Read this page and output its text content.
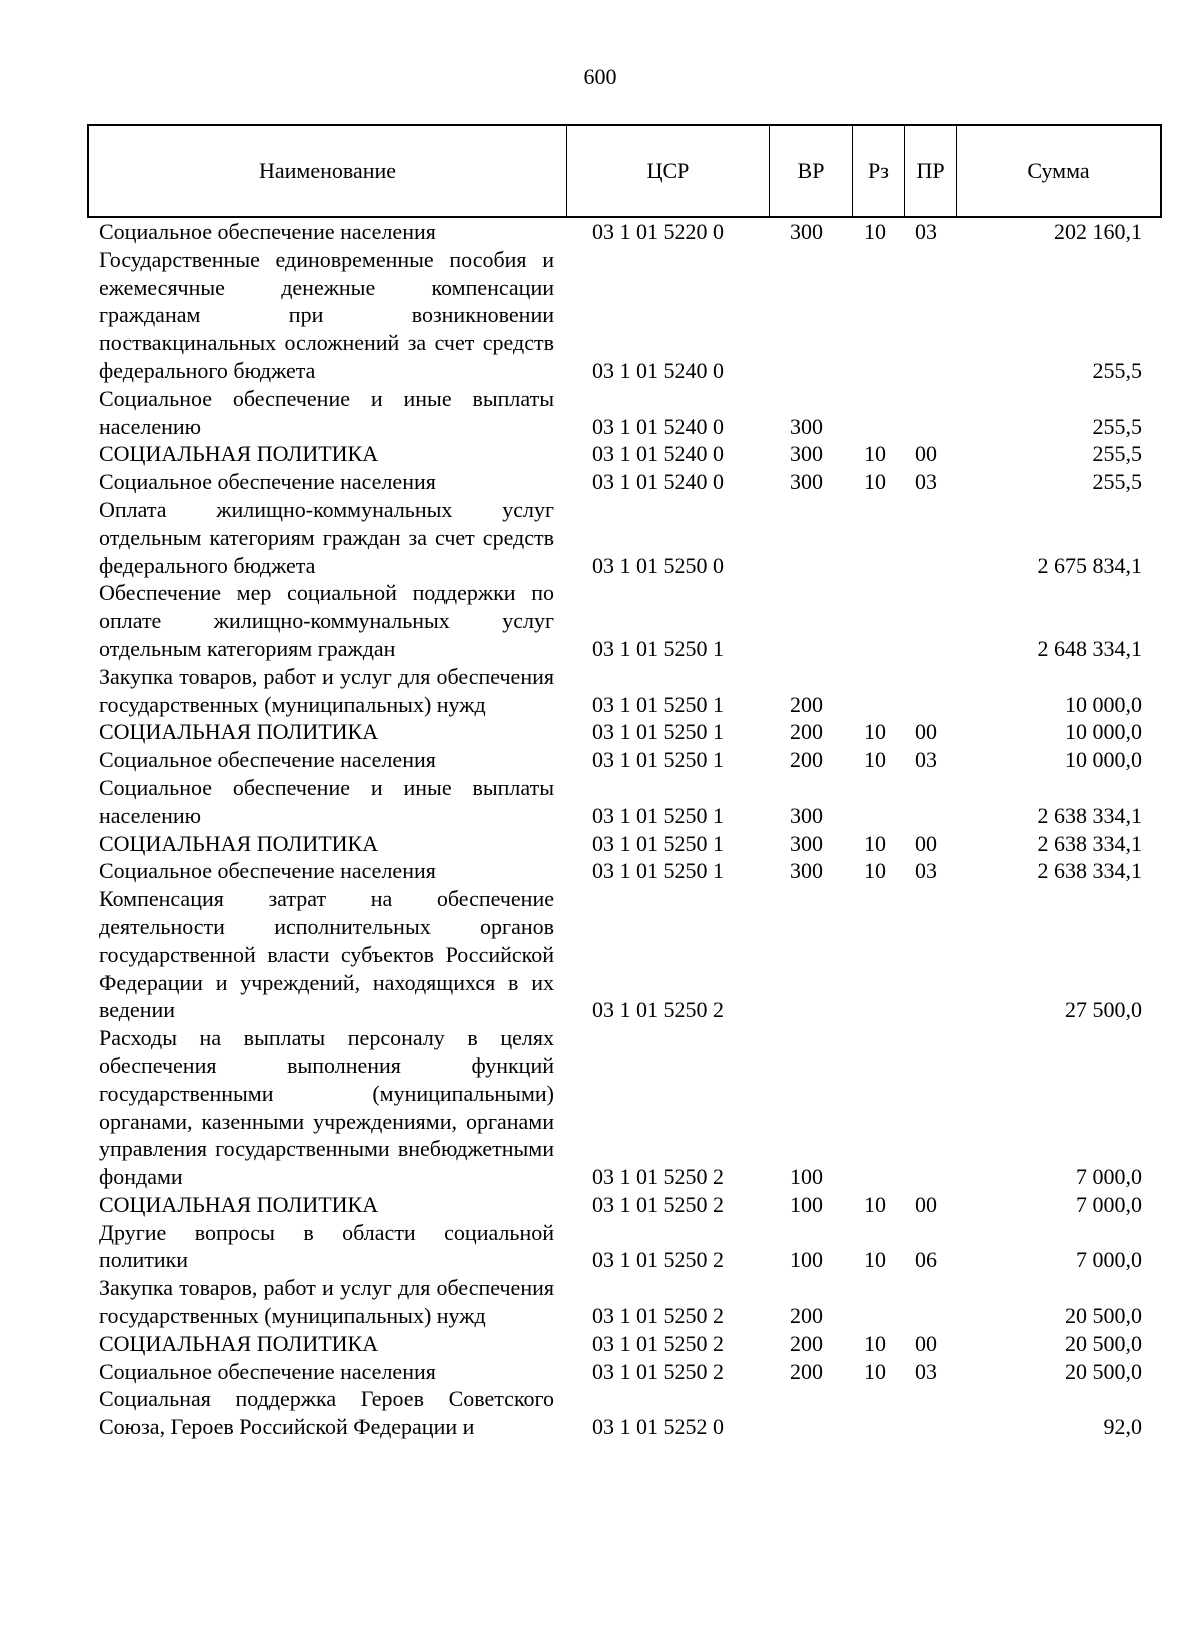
600
Наименование	ЦСР	ВР	Рз	ПР	Сумма
Социальное обеспечение населения	03 1 01 5220 0	300 10 03	202 160,1
Государственные единовременные пособия и ежемесячные денежные компенсации гражданам при возникновении поствакцинальных осложнений за счет средств федерального бюджета	03 1 01 5240 0	255,5
Социальное обеспечение и иные выплаты населению	03 1 01 5240 0	300	255,5
СОЦИАЛЬНАЯ ПОЛИТИКА	03 1 01 5240 0	300 10 00	255,5
Социальное обеспечение населения	03 1 01 5240 0	300 10 03	255,5
Оплата жилищно-коммунальных услуг отдельным категориям граждан за счет средств федерального бюджета	03 1 01 5250 0	2 675 834,1
Обеспечение мер социальной поддержки по оплате жилищно-коммунальных услуг отдельным категориям граждан	03 1 01 5250 1	2 648 334,1
Закупка товаров, работ и услуг для обеспечения государственных (муниципальных) нужд	03 1 01 5250 1	200	10 000,0
СОЦИАЛЬНАЯ ПОЛИТИКА	03 1 01 5250 1	200 10 00	10 000,0
Социальное обеспечение населения	03 1 01 5250 1	200 10 03	10 000,0
Социальное обеспечение и иные выплаты населению	03 1 01 5250 1	300	2 638 334,1
СОЦИАЛЬНАЯ ПОЛИТИКА	03 1 01 5250 1	300 10 00	2 638 334,1
Социальное обеспечение населения	03 1 01 5250 1	300 10 03	2 638 334,1
Компенсация затрат на обеспечение деятельности исполнительных органов государственной власти субъектов Российской Федерации и учреждений, находящихся в их ведении	03 1 01 5250 2	27 500,0
Расходы на выплаты персоналу в целях обеспечения выполнения функций государственными (муниципальными) органами, казенными учреждениями, органами управления государственными внебюджетными фондами	03 1 01 5250 2	100	7 000,0
СОЦИАЛЬНАЯ ПОЛИТИКА	03 1 01 5250 2	100 10 00	7 000,0
Другие вопросы в области социальной политики	03 1 01 5250 2	100 10 06	7 000,0
Закупка товаров, работ и услуг для обеспечения государственных (муниципальных) нужд	03 1 01 5250 2	200	20 500,0
СОЦИАЛЬНАЯ ПОЛИТИКА	03 1 01 5250 2	200 10 00	20 500,0
Социальное обеспечение населения	03 1 01 5250 2	200 10 03	20 500,0
Социальная поддержка Героев Советского Союза, Героев Российской Федерации и	03 1 01 5252 0	92,0
